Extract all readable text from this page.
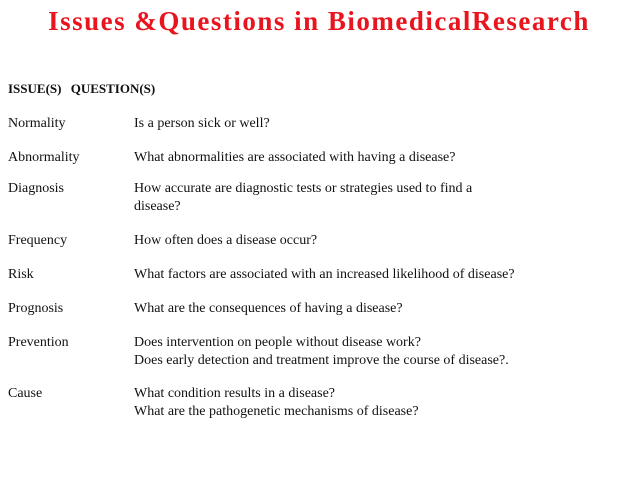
Issues &Questions in BiomedicalResearch
ISSUE(S) QUESTION(S)
Normality	Is a person sick or well?
Abnormality	What abnormalities are associated with having a disease?
Diagnosis	How accurate are diagnostic tests or strategies used to find a disease?
Frequency	How often does a disease occur?
Risk	What factors are associated with an increased likelihood of disease?
Prognosis	What are the consequences of having a disease?
Prevention	Does intervention on people without disease work?
Does early detection and treatment improve the course of disease?.
Cause	What condition results in a disease?
What are the pathogenetic mechanisms of disease?
